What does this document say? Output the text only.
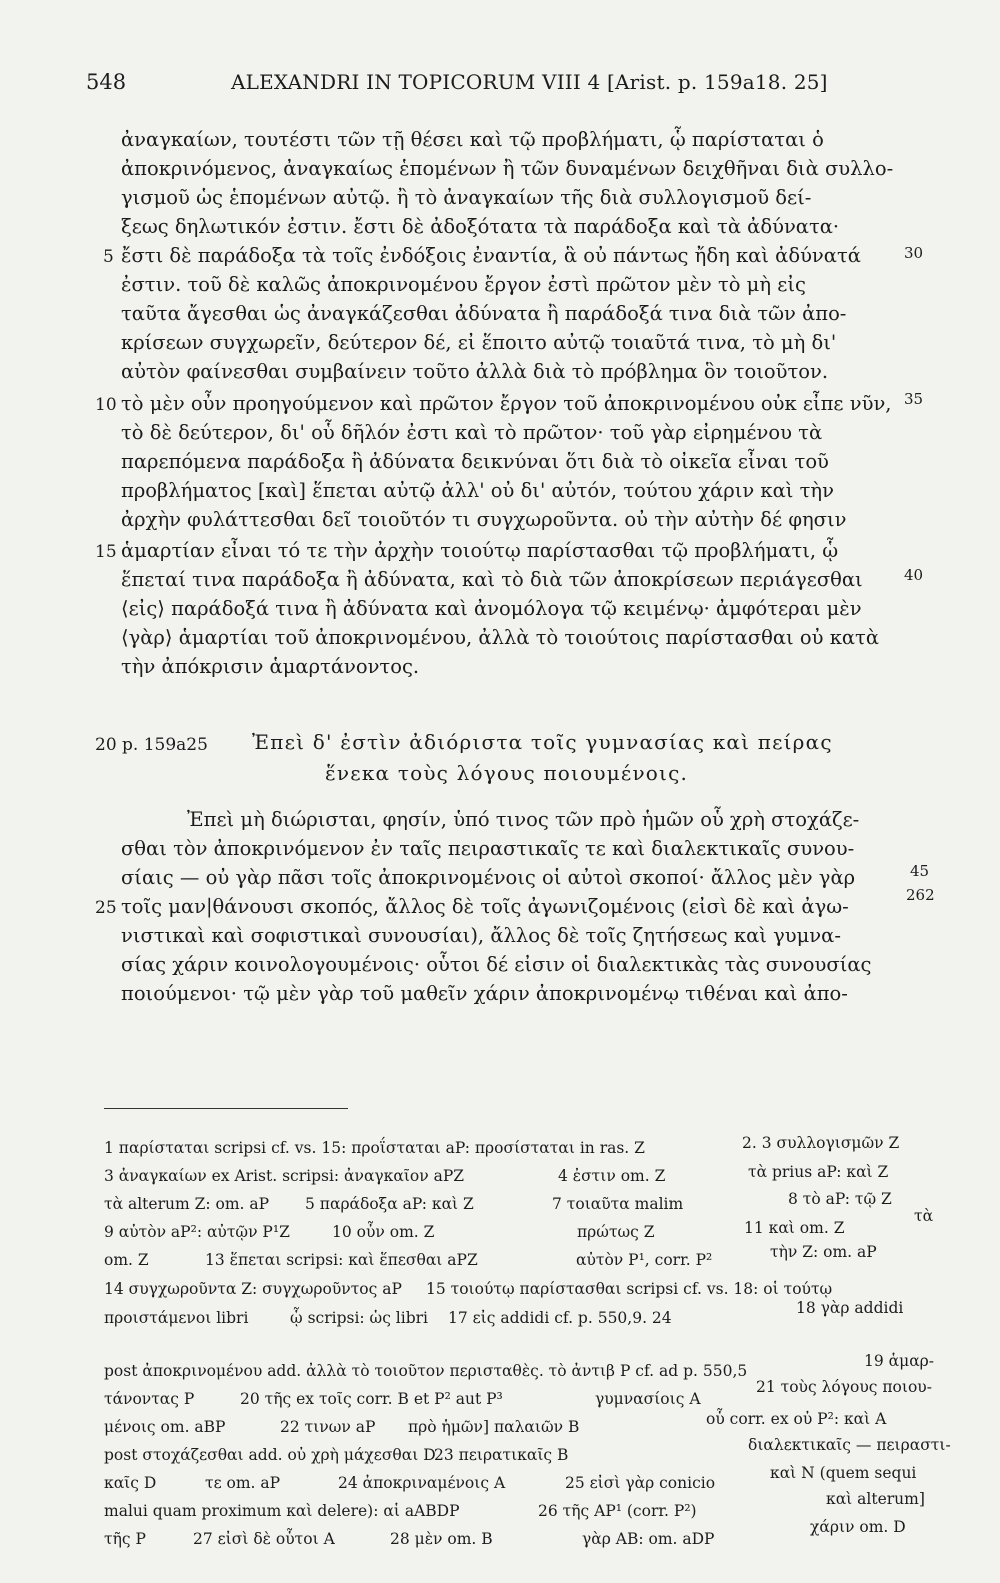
548	ALEXANDRI IN TOPICORUM VIII 4 [Arist. p. 159a18. 25]
ἀναγκαίων, τουτέστι τῶν τῇ θέσει καὶ τῷ προβλήματι, ᾧ παρίσταται ὁ
ἀποκρινόμενος, ἀναγκαίως ἑπομένων ἢ τῶν δυναμένων δειχθῆναι διὰ συλλο-
γισμοῦ ὡς ἑπομένων αὐτῷ. ἢ τὸ ἀναγκαίων τῆς διὰ συλλογισμοῦ δεί-
ξεως δηλωτικόν ἐστιν. ἔστι δὲ ἀδοξότατα τὰ παράδοξα καὶ τὰ ἀδύνατα·
ἔστι δὲ παράδοξα τὰ τοῖς ἐνδόξοις ἐναντία, ἃ οὐ πάντως ἤδη καὶ ἀδύνατά
ἐστιν. τοῦ δὲ καλῶς ἀποκρινομένου ἔργον ἐστὶ πρῶτον μὲν τὸ μὴ εἰς
ταῦτα ἄγεσθαι ὡς ἀναγκάζεσθαι ἀδύνατα ἢ παράδοξά τινα διὰ τῶν ἀπο-
κρίσεων συγχωρεῖν, δεύτερον δέ, εἰ ἕποιτο αὐτῷ τοιαῦτά τινα, τὸ μὴ δι'
αὐτὸν φαίνεσθαι συμβαίνειν τοῦτο ἀλλὰ διὰ τὸ πρόβλημα ὃν τοιοῦτον.
τὸ μὲν οὖν προηγούμενον καὶ πρῶτον ἔργον τοῦ ἀποκρινομένου οὐκ εἶπε νῦν,
τὸ δὲ δεύτερον, δι' οὗ δῆλόν ἐστι καὶ τὸ πρῶτον· τοῦ γὰρ εἰρημένου τὰ
παρεπόμενα παράδοξα ἢ ἀδύνατα δεικνύναι ὅτι διὰ τὸ οἰκεῖα εἶναι τοῦ
προβλήματος [καὶ] ἕπεται αὐτῷ ἀλλ' οὐ δι' αὐτόν, τούτου χάριν καὶ τὴν
ἀρχὴν φυλάττεσθαι δεῖ τοιοῦτόν τι συγχωροῦντα. οὐ τὴν αὐτὴν δέ φησιν
ἁμαρτίαν εἶναι τό τε τὴν ἀρχὴν τοιούτῳ παρίστασθαι τῷ προβλήματι, ᾧ
ἕπεταί τινα παράδοξα ἢ ἀδύνατα, καὶ τὸ διὰ τῶν ἀποκρίσεων περιάγεσθαι
⟨εἰς⟩ παράδοξά τινα ἢ ἀδύνατα καὶ ἀνομόλογα τῷ κειμένῳ· ἀμφότεραι μὲν
⟨γὰρ⟩ ἁμαρτίαι τοῦ ἀποκρινομένου, ἀλλὰ τὸ τοιούτοις παρίστασθαι οὐ κατὰ
τὴν ἀπόκρισιν ἁμαρτάνοντος.
5
10
15
30
35
40
20 p. 159a25 Ἐπεὶ δ' ἐστὶν ἀδιόριστα τοῖς γυμνασίας καὶ πείρας
ἕνεκα τοὺς λόγους ποιουμένοις.
Ἐπεὶ μὴ διώρισται, φησίν, ὑπό τινος τῶν πρὸ ἡμῶν οὗ χρὴ στοχάζε-
σθαι τὸν ἀποκρινόμενον ἐν ταῖς πειραστικαῖς τε καὶ διαλεκτικαῖς συνου-
σίαις — οὐ γὰρ πᾶσι τοῖς ἀποκρινομένοις οἱ αὐτοὶ σκοποί· ἄλλος μὲν γὰρ
τοῖς μαν|θάνουσι σκοπός, ἄλλος δὲ τοῖς ἀγωνιζομένοις (εἰσὶ δὲ καὶ ἀγω-
νιστικαὶ καὶ σοφιστικαὶ συνουσίαι), ἄλλος δὲ τοῖς ζητήσεως καὶ γυμνα-
σίας χάριν κοινολογουμένοις· οὗτοι δέ εἰσιν οἱ διαλεκτικὰς τὰς συνουσίας
ποιούμενοι· τῷ μὲν γὰρ τοῦ μαθεῖν χάριν ἀποκρινομένῳ τιθέναι καὶ ἀπο-
25
45
262
1 παρίσταται scripsi cf. vs. 15: προΐσταται aP: προσίσταται in ras. Z	2. 3 συλλογισμῶν Z
3 ἀναγκαίων ex Arist. scripsi: ἀναγκαῖον aPZ	4 ἐστιν om. Z	τὰ prius aP: καὶ Z
τὰ alterum Z: om. aP 5 παράδοξα aP: καὶ Z	7 τοιαῦτα malim	8 τὸ aP: τῷ Z
9 αὐτὸν aP²: αὐτῷν P¹Z	10 οὖν om. Z	πρώτως Z	11 καὶ om. Z
τὰ
om. Z	13 ἕπεται scripsi: καὶ ἕπεσθαι aPZ	αὐτὸν P¹, corr. P²	τὴν Z: om. aP
14 συγχωροῦντα Z: συγχωροῦντος aP 15 τοιούτῳ παρίστασθαι scripsi cf. vs. 18: οἱ τούτῳ
προιστάμενοι libri	ᾧ scripsi: ὡς libri 17 εἰς addidi cf. p. 550,9. 24
18 γὰρ addidi
post ἀποκρινομένου add. ἀλλὰ τὸ τοιοῦτον περισταθὲς. τὸ ἀντιβ P cf. ad p. 550,5
19 ἁμαρ-
τάνοντας P	20 τῆς ex τοῖς corr. B et P² aut P³	γυμνασίοις A
21 τοὺς λόγους ποιου-
μένοις om. aBP	22 τινων aP πρὸ ἡμῶν] παλαιῶν B	οὗ corr. ex οὐ P²: καὶ A
post στοχάζεσθαι add. οὐ χρὴ μάχεσθαι D
23 πειρατικαῖς B
διαλεκτικαῖς — πειραστι-
καῖς D	τε om. aP	24 ἀποκριναμένοις A	25 εἰσὶ γὰρ conicio
καὶ N (quem sequi
malui quam proximum καὶ delere): αἱ aABDP	26 τῆς AP¹ (corr. P²)
καὶ alterum]
τῆς P	27 εἰσὶ δὲ οὗτοι A	28 μὲν om. B	γὰρ AB: om. aDP
χάριν om. D
